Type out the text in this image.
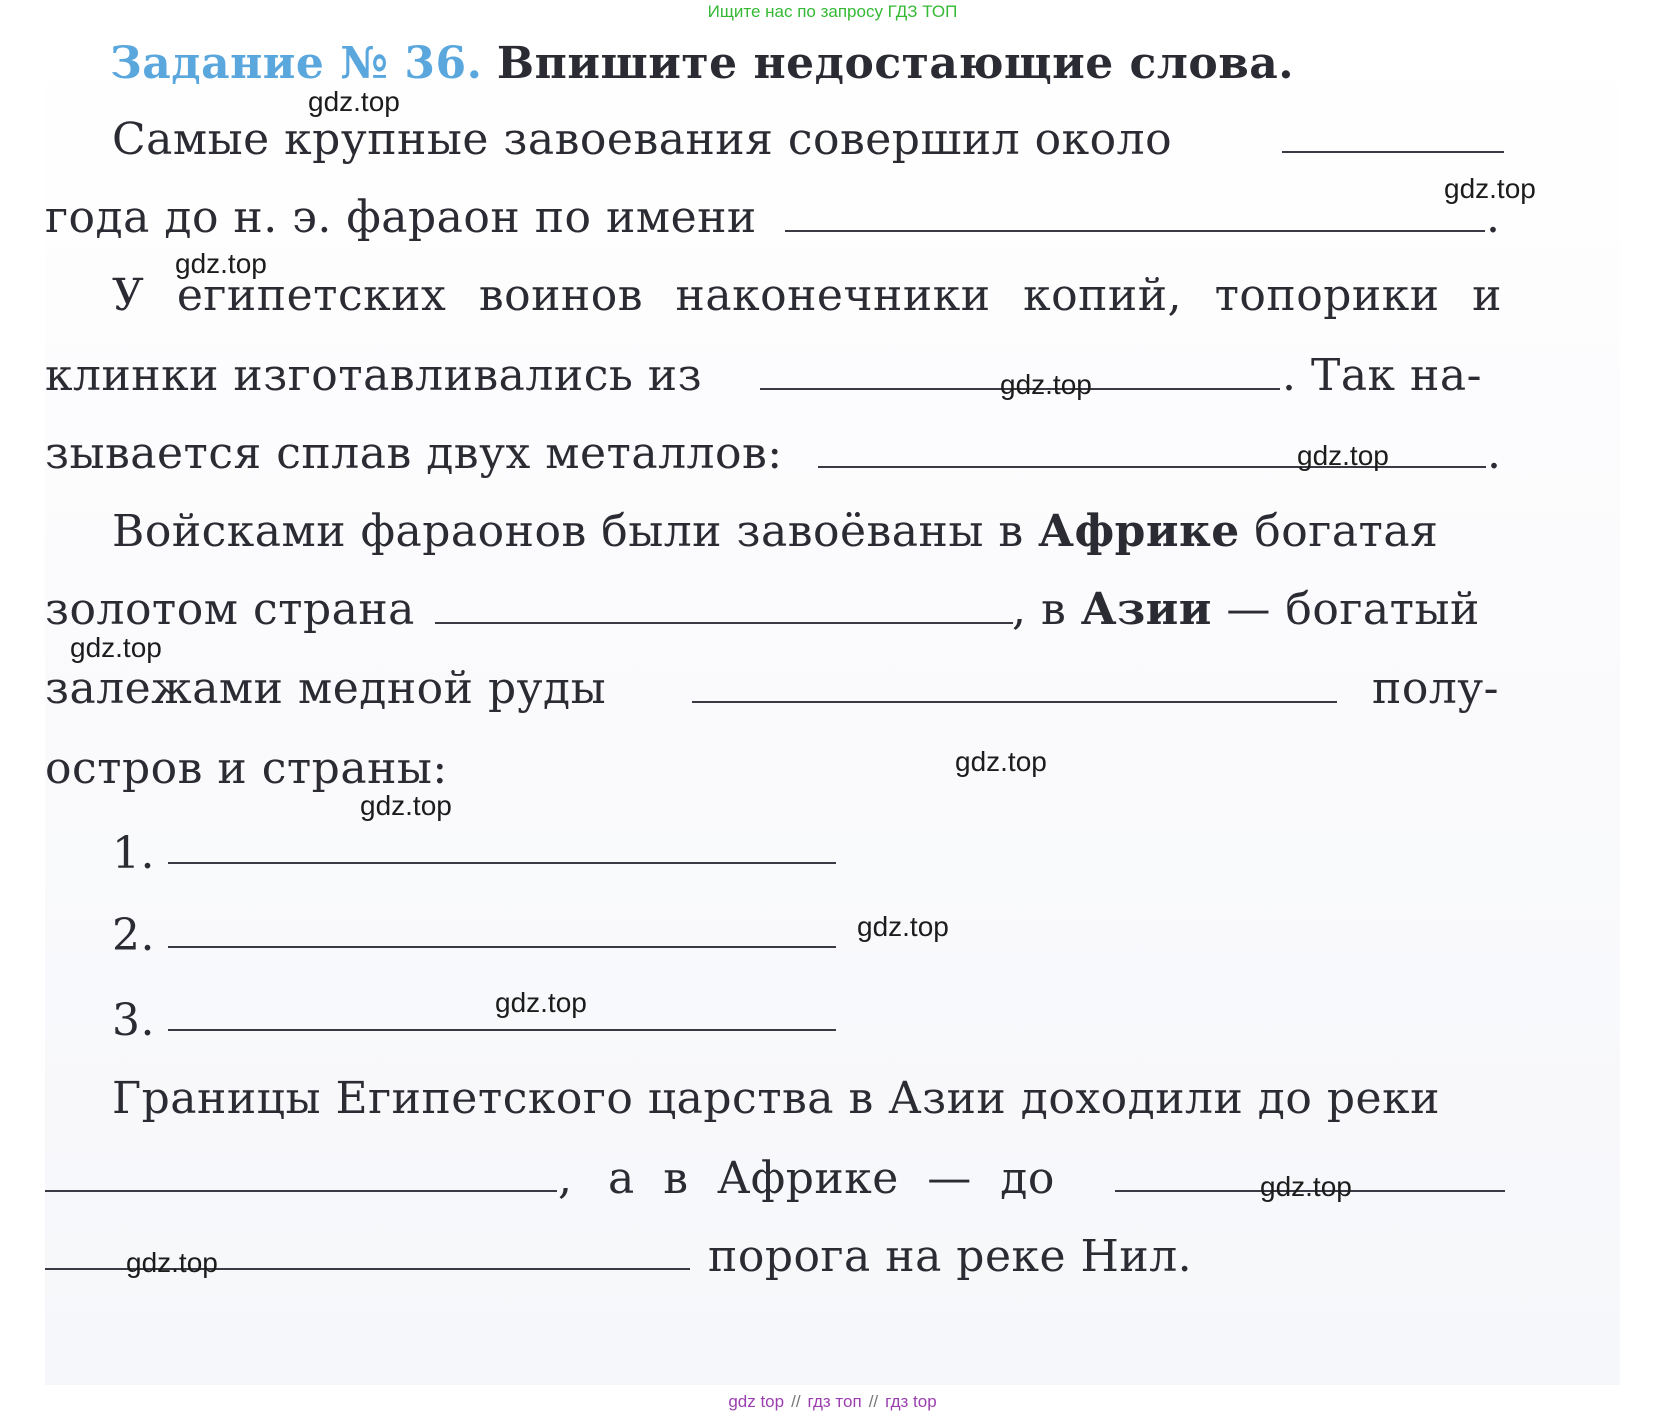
Ищите нас по запросу ГДЗ ТОП
Задание № 36. Впишите недостающие слова.
Самые крупные завоевания совершил около
года до н. э. фараон по имени	.
У египетских воинов наконечники копий, топорики и
клинки изготавливались из	. Так на-
зывается сплав двух металлов:	.
Войсками фараонов были завоёваны в Африке богатая
золотом страна	, в Азии — богатый
залежами медной руды	полу-
остров и страны:
1.
2.
3.
Границы Египетского царства в Азии доходили до реки
, а в Африке — до
порога на реке Нил.
gdz.top
gdz.top
gdz.top
gdz.top
gdz.top
gdz.top
gdz.top
gdz.top
gdz.top
gdz.top
gdz.top
gdz.top
gdz top // гдз топ // гдз top
